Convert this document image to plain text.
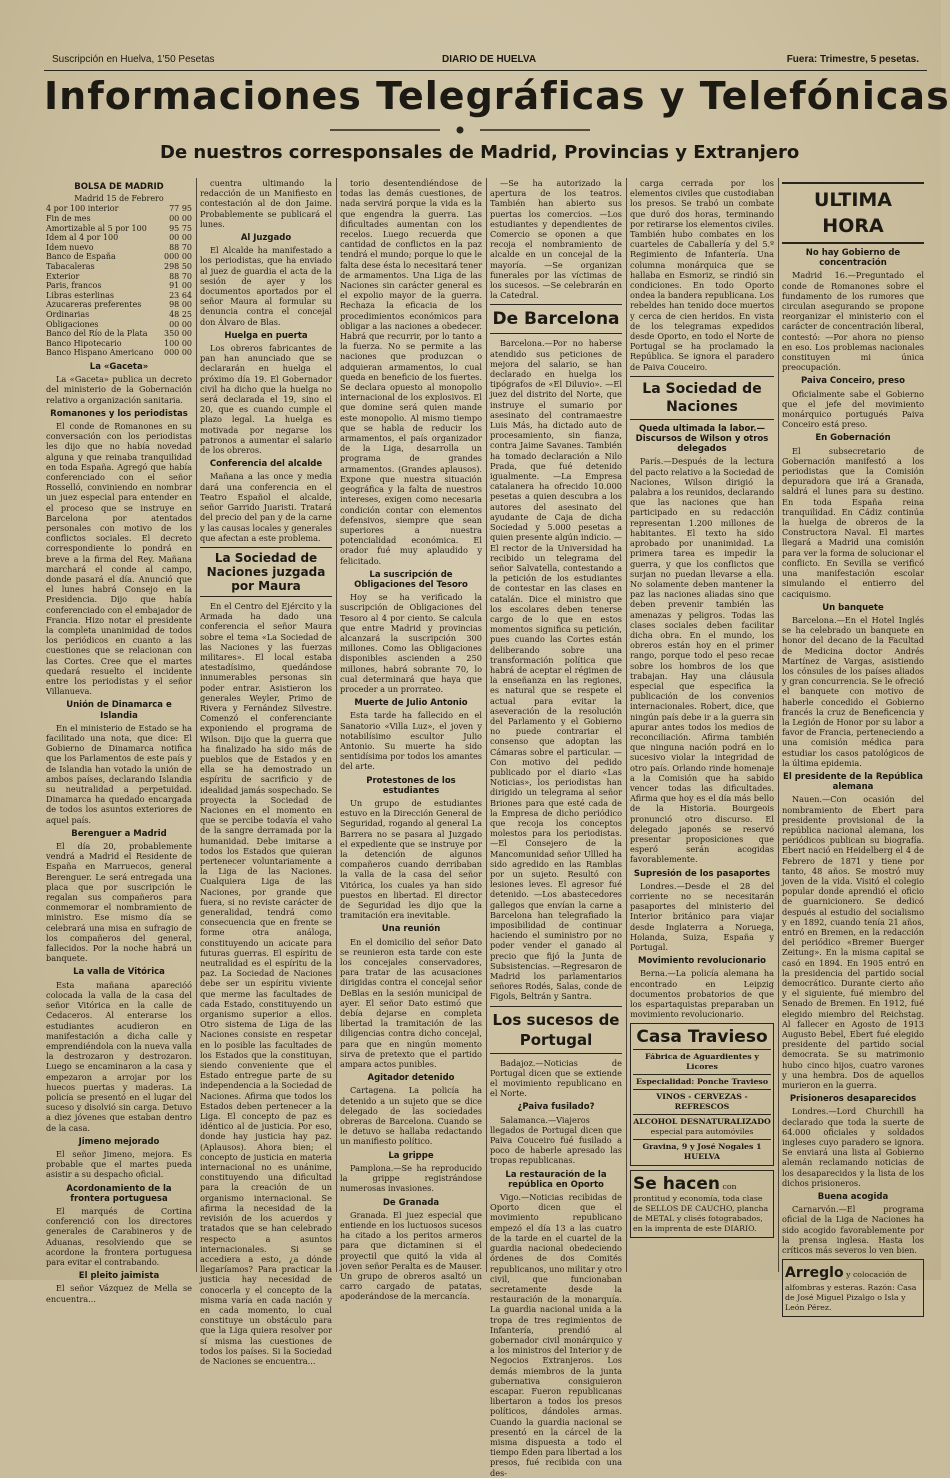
Suscripción en Huelva, 1'50 Pesetas	DIARIO DE HUELVA	Fuera: Trimestre, 5 pesetas.
Informaciones Telegráficas y Telefónicas
De nuestros corresponsales de Madrid, Provincias y Extranjero
BOLSA DE MADRID
Madrid 15 de Febrero
4 por 100 interior	77 95
Fin de mes	00 00
Amortizable al 5 por 100	95 75
Idem al 4 por 100	00 00
Idem nuevo	88 70
Banco de España	000 00
Tabacaleras	298 50
Exterior	88 70
Paris, francos	91 00
Libras esterlinas	23 64
Azucareras preferentes	98 00
Ordinarias	48 25
Obligaciones	00 00
Banco del Río de la Plata 350 00
Banco Hipotecario	100 00
Banco Hispano Americano 000 00
La «Gaceta»

La «Gaceta» publica un decreto del ministerio de la Gobernación relativo a organización sanitaria.

Romanones y los periodistas

El conde de Romanones en su conversación con los periodistas les dijo que no había novedad alguna y que reinaba tranquilidad en toda España. Agregó que había conferenciado con el señor Rosselló, conviniendo en nombrar un juez especial para entender en el proceso que se instruye en Barcelona por atentados personales con motivo de los conflictos sociales. El decreto correspondiente lo pondrá en breve a la firma del Rey. Mañana marchará el conde al campo, donde pasará el día. Anunció que el lunes habrá Consejo en la Presidencia. Dijo que había conferenciado con el embajador de Francia. Hizo notar el presidente la completa unanimidad de todos los periódicos en cuanto a las cuestiones que se relacionan con las Cortes. Cree que el martes quedará resuelto el incidente entre los periodistas y el señor Villanueva.

Unión de Dinamarca e Islandia

En el ministerio de Estado se ha facilitado una nota, que dice: El Gobierno de Dinamarca notifica que los Parlamentos de este país y de Islandia han votado la unión de ambos países, declarando Islandia su neutralidad a perpetuidad. Dinamarca ha quedado encargada de todos los asuntos exteriores de aquel país.

Berenguer a Madrid

El día 20, probablemente vendrá a Madrid el Residente de España en Marruecos, general Berenguer. Le será entregada una placa que por suscripción le regalan sus compañeros para conmemorar el nombramiento de ministro. Ese mismo día se celebrará una misa en sufragio de los compañeros del general, fallecidos. Por la noche habrá un banquete.

La valla de Vitórica

Esta mañana aparecióó colocada la valla de la casa del señor Vitórica en la calle de Cedaceros. Al enterarse los estudiantes acudieron en manifestación a dicha calle y emprendiéndola con la nueva valla la destrozaron y destrozaron. Luego se encaminaron a la casa y empezaron a arrojar por los huecos puertas y maderas. La policía se presentó en el lugar del suceso y disolvió sin carga. Detuvo a diez jóvenes que estaban dentro de la casa.

Jimeno mejorado

El señor Jimeno, mejora. Es probable que el martes pueda asistir a su despacho oficial.

Acordonamiento de la frontera portuguesa

El marqués de Cortina conferenció con los directores generales de Carabineros y de Aduanas, resolviendo que se acordone la frontera portuguesa para evitar el contrabando.

El pleito jaimista

El señor Vázquez de Mella se encuentra...

cuentra ultimando la redacción de un Manifiesto en contestación al de don Jaime. Probablemente se publicará el lunes.

Al Juzgado

El Alcalde ha manifestado a los periodistas, que ha enviado al juez de guardia el acta de la sesión de ayer y los documentos aportados por el señor Maura al formular su denuncia contra el concejal don Álvaro de Blas.

Huelga en puerta

Los obreros fabricantes de pan han anunciado que se declararán en huelga el próximo día 19. El Gobernador civil ha dicho que la huelga no será declarada el 19, sino el 20, que es cuando cumple el plazo legal. La huelga es motivada por negarse los patronos a aumentar el salario de los obreros.

Conferencia del alcalde

Mañana a las once y media dará una conferencia en el Teatro Español el alcalde, señor Garrido Juaristi. Tratará del precio del pan y de la carne y las causas locales y generales que afectan a este problema.

La Sociedad de Naciones juzgada por Maura

En el Centro del Ejército y la Armada ha dado una conferencia el señor Maura sobre el tema «La Sociedad de las Naciones y las fuerzas militares». El local estaba atestadísimo, quedándose innumerables personas sin poder entrar. Asistieron los generales Weyler, Primo de Rivera y Fernández Silvestre. Comenzó el conferenciante exponiendo el programa de Wilson. Dijo que la guerra que ha finalizado ha sido más de pueblos que de Estados y en ella se ha demostrado un espíritu de sacrificio y de idealidad jamás sospechado. Se proyecta la Sociedad de Naciones en el momento en que se percibe todavía el vaho de la sangre derramada por la humanidad. Debe imitarse a todos los Estados que quieran pertenecer voluntariamente a la Liga de las Naciones. Cualquiera Liga de las Naciones, por grande que fuera, si no reviste carácter de generalidad, tendrá como consecuencia que en frente se forme otra análoga, constituyendo un acicate para futuras guerras. El espíritu de neutralidad es el espíritu de la paz. La Sociedad de Naciones debe ser un espíritu viviente que merme las facultades de cada Estado, constituyendo un organismo superior a ellos. Otro sistema de Liga de las Naciones consiste en respetar en lo posible las facultades de los Estados que la constituyan, siendo conveniente que el Estado entregue parte de su independencia a la Sociedad de Naciones. Afirma que todos los Estados deben pertenecer a la Liga. El concepto de paz es idéntico al de justicia. Por eso, donde hay justicia hay paz. (Aplausos). Ahora bien; el concepto de justicia en materia internacional no es unánime, constituyendo una dificultad para la creación de un organismo internacional. Se afirma la necesidad de la revisión de los acuerdos y tratados que se han celebrado respecto a asuntos internacionales. Si se accediera a esto, ¿a dónde llegaríamos? Para practicar la justicia hay necesidad de conocerla y el concepto de la misma varía en cada nación y en cada momento, lo cual constituye un obstáculo para que la Liga quiera resolver por sí misma las cuestiones de todos los países. Si la Sociedad de Naciones se encuentra...

torio desentendiéndose de todas las demás cuestiones, de nada servirá porque la vida es la que engendra la guerra. Las dificultades aumentan con los recelos. Luego recuerda que cantidad de conflictos en la paz tendrá el mundo; porque lo que le falta dese ésta lo necesitará tener de armamentos. Una Liga de las Naciones sin carácter general es el expolio mayor de la guerra. Rechaza la eficacia de los procedimientos económicos para obligar a las naciones a obedecer. Habrá que recurrir, por lo tanto a la fuerza. No se permite a las naciones que produzcan o adquieran armamentos, lo cual queda en beneficio de los fuertes. Se declara opuesto al monopolio internacional de los explosivos. El que domine será quien mande este monopolio. Al mismo tiempo que se habla de reducir los armamentos, el país organizador de la Liga, desarrolla un programa de grandes armamentos. (Grandes aplausos). Expone que nuestra situación geográfica y la falta de nuestros intereses, exigen como necesaria condición contar con elementos defensivos, siempre que sean superiores a nuestra potencialidad económica. El orador fué muy aplaudido y felicitado.

La suscripción de Obligaciones del Tesoro

Hoy se ha verificado la suscripción de Obligaciones del Tesoro al 4 por ciento. Se calcula que entre Madrid y provincias alcanzará la suscripción 300 millones. Como las Obligaciones disponibles ascienden a 250 millones, habrá sobrante 70, lo cual determinará que haya que proceder a un prorrateo.

Muerte de Julio Antonio

Esta tarde ha fallecido en el Sanatorio «Villa Luz», el joven y notabilísimo escultor Julio Antonio. Su muerte ha sido sentidísima por todos los amantes del arte.

Protestones de los estudiantes

Un grupo de estudiantes estuvo en la Dirección General de Seguridad, rogando al general La Barrera no se pasara al Juzgado el expediente que se instruye por la detención de algunos compañeros cuando derribaban la valla de la casa del señor Vitórica, los cuales ya han sido puestos en libertad. El director de Seguridad les dijo que la tramitación era inevitable.

Una reunión

En el domicilio del señor Dato se reunieron esta tarde con este los concejales conservadores, para tratar de las acusaciones dirigidas contra el concejal señor DeBlas en la sesión municipal de ayer. El señor Dato estimó que debía dejarse en completa libertad la tramitación de las diligencias contra dicho concejal, para que en ningún momento sirva de pretexto que el partido ampara actos punibles.

Agitador detenido

Cartagena. La policía ha detenido a un sujeto que se dice delegado de las sociedades obreras de Barcelona. Cuando se le detuvo se hallaba redactando un manifiesto político.

La grippe

Pamplona.—Se ha reproducido la grippe registrándose numerosas invasiones.

De Granada

Granada. El juez especial que entiende en los luctuosos sucesos ha citado a los peritos armeros para que dictaminen si el proyectil que quitó la vida al joven señor Peralta es de Mauser. Un grupo de obreros asaltó un carro cargado de patatas, apoderándose de la mercancía.

—Se ha autorizado la apertura de los teatros. También han abierto sus puertas los comercios. —Los estudiantes y dependientes de Comercio se oponen a que recoja el nombramiento de alcalde en un concejal de la mayoría. —Se organizan funerales por las víctimas de los sucesos. —Se celebrarán en la Catedral.

De Barcelona

Barcelona.—Por no haberse atendido sus peticiones de mejora del salario, se han declarado en huelga los tipógrafos de «El Diluvio». —El juez del distrito del Norte, que instruye el sumario por asesinato del contramaestre Luis Más, ha dictado auto de procesamiento, sin fianza, contra Jaime Savanes. También ha tomado declaración a Nilo Prada, que fué detenido igualmente. —La Empresa catalanera ha ofrecido 10.000 pesetas a quien descubra a los autores del asesinato del ayudante de Caja de dicha Sociedad y 5.000 pesetas a quien presente algún indicio. —El rector de la Universidad ha recibido un telegrama del señor Salvatella, contestando a la petición de los estudiantes de contestar en las clases en catalán. Dice el ministro que los escolares deben tenerse cargo de lo que en estos momentos significa su petición, pues cuando las Cortes están deliberando sobre una transformación política que habrá de aceptar el régimen de la enseñanza en las regiones, es natural que se respete el actual para evitar la aseveración de la resolución del Parlamento y el Gobierno no puede contrariar el consenso que adoptan las Cámaras sobre el particular. —Con motivo del pedido publicado por el diario «Las Noticias», los periodistas han dirigido un telegrama al señor Briones para que esté cada de la Empresa de dicho periódico que recoja los conceptos molestos para los periodistas. —El Consejero de la Mancomunidad señor Ullled ha sido agredido en las Ramblas por un sujeto. Resultó con lesiones leves. El agresor fué detenido. —Los abastecedores gallegos que envían la carne a Barcelona han telegrafiado la imposibilidad de continuar haciendo el suministro por no poder vender el ganado al precio que fijó la Junta de Subsistencias. —Regresaron de Madrid los parlamentarios señores Rodés, Salas, conde de Figols, Beltrán y Santra.

Los sucesos de Portugal

Badajoz.—Noticias de Portugal dicen que se extiende el movimiento republicano en el Norte.

¿Paiva fusilado?

Salamanca.—Viajeros llegados de Portugal dicen que Paiva Couceiro fué fusilado a poco de haberle apresado las tropas republicanas.

La restauración de la república en Oporto

Vigo.—Noticias recibidas de Oporto dicen que el movimiento republicano empezó el día 13 a las cuatro de la tarde en el cuartel de la guardia nacional obedeciendo órdenes de dos Comités republicanos, uno militar y otro civil, que funcionaban secretamente desde la restauración de la monarquía. La guardia nacional unida a la tropa de tres regimientos de Infantería, prendió al gobernador civil monárquico y a los ministros del Interior y de Negocios Extranjeros. Los demás miembros de la junta gubernativa consiguieron escapar. Fueron republicanas libertaron a todos los presos políticos, dándoles armas. Cuando la guardia nacional se presentó en la cárcel de la misma dispuesta a todo el tiempo Eden para libertad a los presos, fué recibida con una des-

carga cerrada por los elementos civiles que custodiaban los presos. Se trabó un combate que duró dos horas, terminando por retirarse los elementos civiles. También hubo combates en los cuarteles de Caballería y del 5.º Regimiento de Infantería. Una columna monárquica que se hallaba en Esmoriz, se rindió sin condiciones. En todo Oporto ondea la bandera republicana. Los rebeldes han tenido doce muertos y cerca de cien heridos. En vista de los telegramas expedidos desde Oporto, en todo el Norte de Portugal se ha proclamado la República. Se ignora el paradero de Paiva Couceiro.

La Sociedad de Naciones
Queda ultimada la labor.—Discursos de Wilson y otros delegados

París.—Después de la lectura del pacto relativo a la Sociedad de Naciones, Wilson dirigió la palabra a los reunidos, declarando que las naciones que han participado en su redacción representan 1.200 millones de habitantes. El texto ha sido aprobado por unanimidad. La primera tarea es impedir la guerra, y que los conflictos que surjan no puedan llevarse a ella. No solamente deben mantener la paz las naciones aliadas sino que deben prevenir también las amenazas y peligros. Todas las clases sociales deben facilitar dicha obra. En el mundo, los obreros están hoy en el primer rango, porque todo el peso recae sobre los hombros de los que trabajan. Hay una cláusula especial que especifica la publicación de los convenios internacionales. Robert, dice, que ningún país debe ir a la guerra sin apurar antes todos los medios de reconciliación. Afirma también que ninguna nación podrá en lo sucesivo violar la integridad de otro país. Orlando rinde homenaje a la Comisión que ha sabido vencer todas las dificultades. Afirma que hoy es el día más bello de la Historia. Bourgeois pronunció otro discurso. El delegado japonés se reservó presentar proposiciones que esperó serán acogidas favorablemente.

Supresión de los pasaportes

Londres.—Desde el 28 del corriente no se necesitarán pasaportes del ministerio del Interior británico para viajar desde Inglaterra a Noruega, Holanda, Suiza, España y Portugal.

Movimiento revolucionario

Berna.—La policía alemana ha encontrado en Leipzig documentos probatorios de que los espartaquistas preparaban un movimiento revolucionario.

Casa Travieso
Fábrica de Aguardientes y Licores
Especialidad: Ponche Travieso
VINOS - CERVEZAS - REFRESCOS
ALCOHOL DESNATURALIZADO
especial para automóviles
Gravina, 9 y José Nogales 1
HUELVA
Se hacen con prontitud y economía, toda clase de SELLOS DE CAUCHO, plancha de METAL y clisés fotograbados, en la imprenta de este DIARIO.
ULTIMA HORA
No hay Gobierno de concentración

Madrid 16.—Preguntado el conde de Romanones sobre el fundamento de los rumores que circulan asegurando se propone reorganizar el ministerio con el carácter de concentración liberal, contestó: —Por ahora no pienso en eso. Los problemas nacionales constituyen mi única preocupación.

Paiva Conceiro, preso

Oficialmente sabe el Gobierno que el jefe del movimiento monárquico portugués Paiva Conceiro está preso.

En Gobernación

El subsecretario de Gobernación manifestó a los periodistas que la Comisión depuradora que irá a Granada, saldrá el lunes para su destino. En toda España reina tranquilidad. En Cádiz continúa la huelga de obreros de la Constructora Naval. El martes llegará a Madrid una comisión para ver la forma de solucionar el conflicto. En Sevilla se verificó una manifestación escolar simulando el entierro del caciquismo.

Un banquete

Barcelona.—En el Hotel Inglés se ha celebrado un banquete en honor del decano de la Facultad de Medicina doctor Andrés Martínez de Vargas, asistiendo los cónsules de los países aliados y gran concurrencia. Se le ofreció el banquete con motivo de haberle concedido el Gobierno francés la cruz de Beneficencia y la Legión de Honor por su labor a favor de Francia, perteneciendo a una comisión médica para estudiar los casos patológicos de la última epidemia.

El presidente de la República alemana

Nauen.—Con ocasión del nombramiento de Ebert para presidente provisional de la república nacional alemana, los periódicos publican su biografía. Ebert nació en Heidelberg el 4 de Febrero de 1871 y tiene por tanto, 48 años. Se mostró muy joven de la vida. Visitó el colegio popular donde aprendió el oficio de guarnicionero. Se dedicó después al estudio del socialismo y en 1892, cuando tenía 21 años, entró en Bremen, en la redacción del periódico «Bremer Buerger Zeitung». En la misma capital se casó en 1894. En 1905 entró en la presidencia del partido social democrático. Durante cierto año y el siguiente, fué miembro del Senado de Bremen. En 1912, fué elegido miembro del Reichstag. Al fallecer en Agosto de 1913 Augusto Bebel, Ebert fué elegido presidente del partido social democrata. Se su matrimonio hubo cinco hijos, cuatro varones y una hembra. Dos de aquellos murieron en la guerra.

Prisioneros desaparecidos

Londres.—Lord Churchill ha declarado que toda la suerte de 64.000 oficiales y soldados ingleses cuyo paradero se ignora. Se enviará una lista al Gobierno alemán reclamando noticias de los desaparecidos y la lista de los dichos prisioneros.

Buena acogida

Carnarvón.—El programa oficial de la Liga de Naciones ha sido acogido favorablemente por la prensa inglesa. Hasta los críticos más severos lo ven bien.

Arreglo y colocación de alfombras y esteras. Razón: Casa de José Miguel Pizalgo o Isla y León Pérez.
